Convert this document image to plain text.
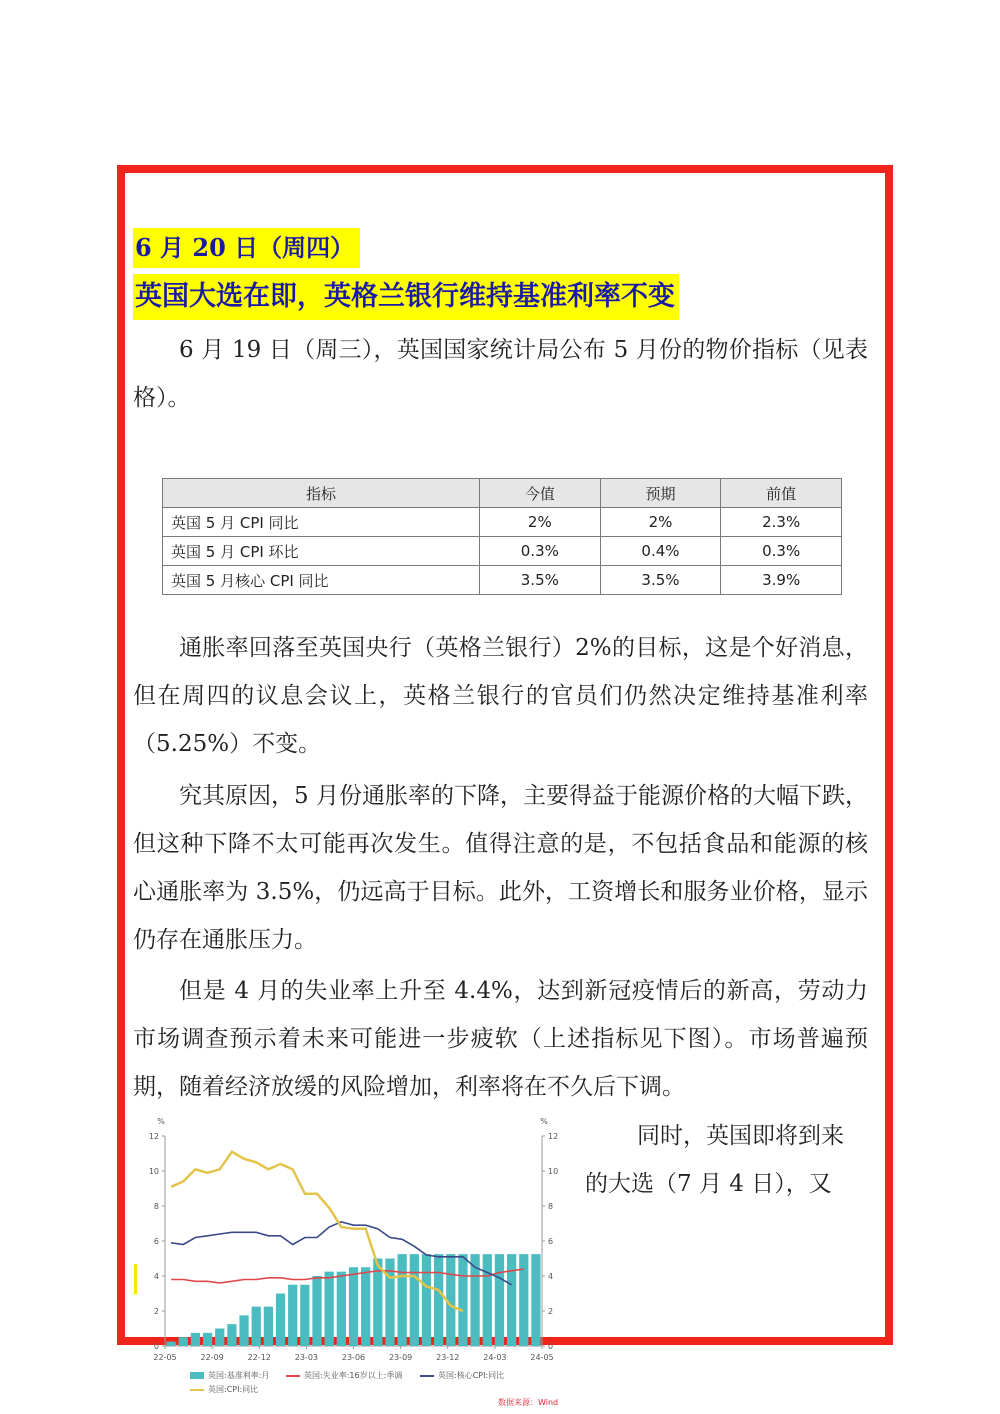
6 月 20 日（周四）
英国大选在即，英格兰银行维持基准利率不变

6 月 19 日（周三），英国国家统计局公布 5 月份的物价指标（见表格）。

指标	今值	预期	前值
英国 5 月 CPI 同比	2%	2%	2.3%
英国 5 月 CPI 环比	0.3%	0.4%	0.3%
英国 5 月核心 CPI 同比	3.5%	3.5%	3.9%

通胀率回落至英国央行（英格兰银行）2%的目标，这是个好消息，但在周四的议息会议上，英格兰银行的官员们仍然决定维持基准利率（5.25%）不变。

究其原因，5 月份通胀率的下降，主要得益于能源价格的大幅下跌，但这种下降不太可能再次发生。值得注意的是，不包括食品和能源的核心通胀率为 3.5%，仍远高于目标。此外，工资增长和服务业价格，显示仍存在通胀压力。

但是 4 月的失业率上升至 4.4%，达到新冠疫情后的新高，劳动力市场调查预示着未来可能进一步疲软（上述指标见下图）。市场普遍预期，随着经济放缓的风险增加，利率将在不久后下调。

同时，英国即将到来
的大选（7 月 4 日），又
%	%
0	0
2	2
4	4
6	6
8	8
10	10
12	12
22-05	22-09	22-12	23-03	23-06	23-09	23-12	24-03	24-05
英国:基准利率:月	英国:失业率:16岁以上:季调	英国:核心CPI:同比
英国:CPI:同比
数据来源：Wind
